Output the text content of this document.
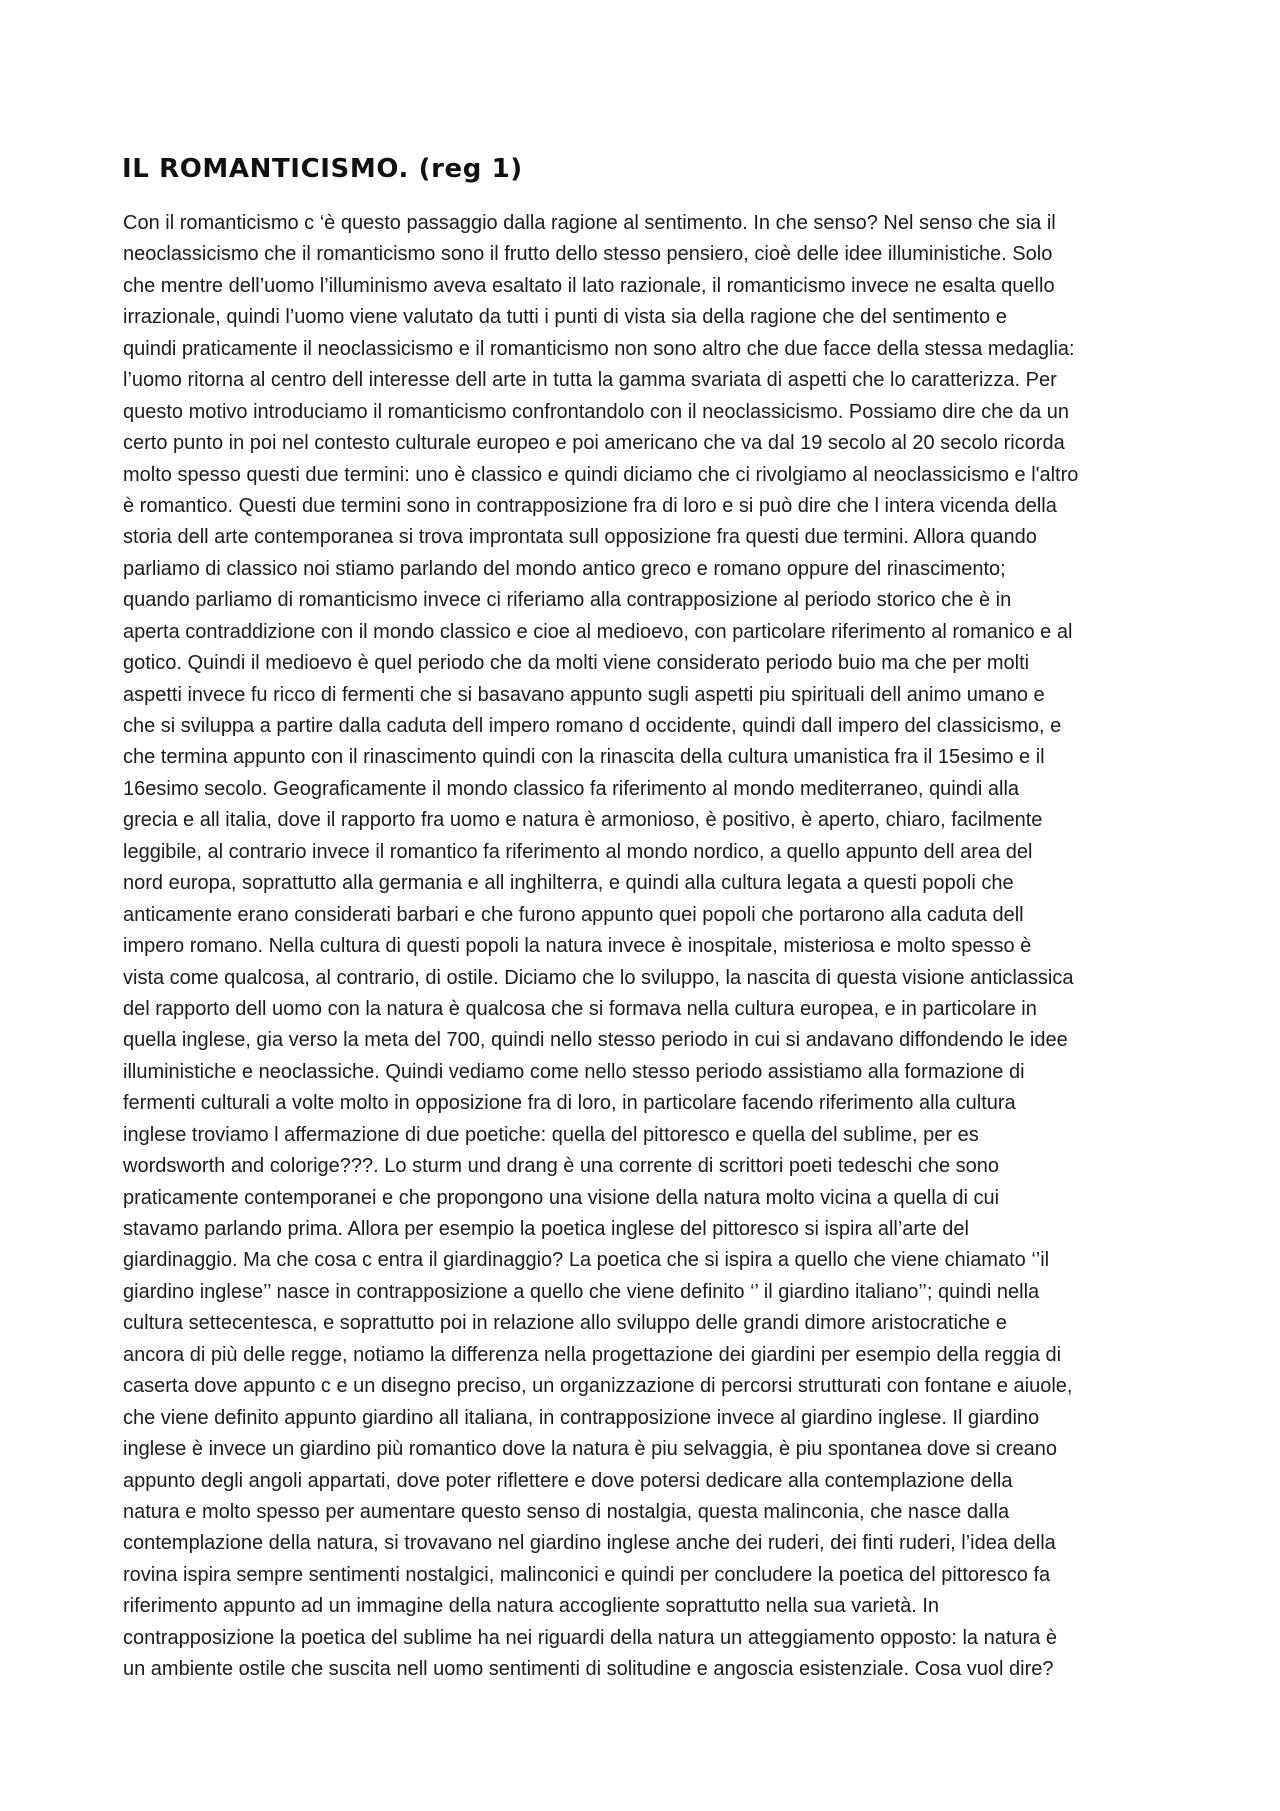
IL ROMANTICISMO. (reg 1)
Con il romanticismo c ‘è questo passaggio dalla ragione al sentimento. In che senso? Nel senso che sia il
neoclassicismo che il romanticismo sono il frutto dello stesso pensiero, cioè delle idee illuministiche. Solo
che mentre dell’uomo l’illuminismo aveva esaltato il lato razionale, il romanticismo invece ne esalta quello
irrazionale, quindi l’uomo viene valutato da tutti i punti di vista sia della ragione che del sentimento e
quindi praticamente il neoclassicismo e il romanticismo non sono altro che due facce della stessa medaglia:
l’uomo ritorna al centro dell interesse dell arte in tutta la gamma svariata di aspetti che lo caratterizza. Per
questo motivo introduciamo il romanticismo confrontandolo con il neoclassicismo. Possiamo dire che da un
certo punto in poi nel contesto culturale europeo e poi americano che va dal 19 secolo al 20 secolo ricorda
molto spesso questi due termini: uno è classico e quindi diciamo che ci rivolgiamo al neoclassicismo e l'altro
è romantico. Questi due termini sono in contrapposizione fra di loro e si può dire che l intera vicenda della
storia dell arte contemporanea si trova improntata sull opposizione fra questi due termini. Allora quando
parliamo di classico noi stiamo parlando del mondo antico greco e romano oppure del rinascimento;
quando parliamo di romanticismo invece ci riferiamo alla contrapposizione al periodo storico che è in
aperta contraddizione con il mondo classico e cioe al medioevo, con particolare riferimento al romanico e al
gotico. Quindi il medioevo è quel periodo che da molti viene considerato periodo buio ma che per molti
aspetti invece fu ricco di fermenti che si basavano appunto sugli aspetti piu spirituali dell animo umano e
che si sviluppa a partire dalla caduta dell impero romano d occidente, quindi dall impero del classicismo, e
che termina appunto con il rinascimento quindi con la rinascita della cultura umanistica fra il 15esimo e il
16esimo secolo. Geograficamente il mondo classico fa riferimento al mondo mediterraneo, quindi alla
grecia e all italia, dove il rapporto fra uomo e natura è armonioso, è positivo, è aperto, chiaro, facilmente
leggibile, al contrario invece il romantico fa riferimento al mondo nordico, a quello appunto dell area del
nord europa, soprattutto alla germania e all inghilterra, e quindi alla cultura legata a questi popoli che
anticamente erano considerati barbari e che furono appunto quei popoli che portarono alla caduta dell
impero romano. Nella cultura di questi popoli la natura invece è inospitale, misteriosa e molto spesso è
vista come qualcosa, al contrario, di ostile. Diciamo che lo sviluppo, la nascita di questa visione anticlassica
del rapporto dell uomo con la natura è qualcosa che si formava nella cultura europea, e in particolare in
quella inglese, gia verso la meta del 700, quindi nello stesso periodo in cui si andavano diffondendo le idee
illuministiche e neoclassiche. Quindi vediamo come nello stesso periodo assistiamo alla formazione di
fermenti culturali a volte molto in opposizione fra di loro, in particolare facendo riferimento alla cultura
inglese troviamo l affermazione di due poetiche: quella del pittoresco e quella del sublime, per es
wordsworth and colorige???. Lo sturm und drang è una corrente di scrittori poeti tedeschi che sono
praticamente contemporanei e che propongono una visione della natura molto vicina a quella di cui
stavamo parlando prima. Allora per esempio la poetica inglese del pittoresco si ispira all’arte del
giardinaggio. Ma che cosa c entra il giardinaggio? La poetica che si ispira a quello che viene chiamato ‘’il
giardino inglese’’ nasce in contrapposizione a quello che viene definito ‘’ il giardino italiano’’; quindi nella
cultura settecentesca, e soprattutto poi in relazione allo sviluppo delle grandi dimore aristocratiche e
ancora di più delle regge, notiamo la differenza nella progettazione dei giardini per esempio della reggia di
caserta dove appunto c e un disegno preciso, un organizzazione di percorsi strutturati con fontane e aiuole,
che viene definito appunto giardino all italiana, in contrapposizione invece al giardino inglese. Il giardino
inglese è invece un giardino più romantico dove la natura è piu selvaggia, è piu spontanea dove si creano
appunto degli angoli appartati, dove poter riflettere e dove potersi dedicare alla contemplazione della
natura e molto spesso per aumentare questo senso di nostalgia, questa malinconia, che nasce dalla
contemplazione della natura, si trovavano nel giardino inglese anche dei ruderi, dei finti ruderi, l’idea della
rovina ispira sempre sentimenti nostalgici, malinconici e quindi per concludere la poetica del pittoresco fa
riferimento appunto ad un immagine della natura accogliente soprattutto nella sua varietà. In
contrapposizione la poetica del sublime ha nei riguardi della natura un atteggiamento opposto: la natura è
un ambiente ostile che suscita nell uomo sentimenti di solitudine e angoscia esistenziale. Cosa vuol dire?
